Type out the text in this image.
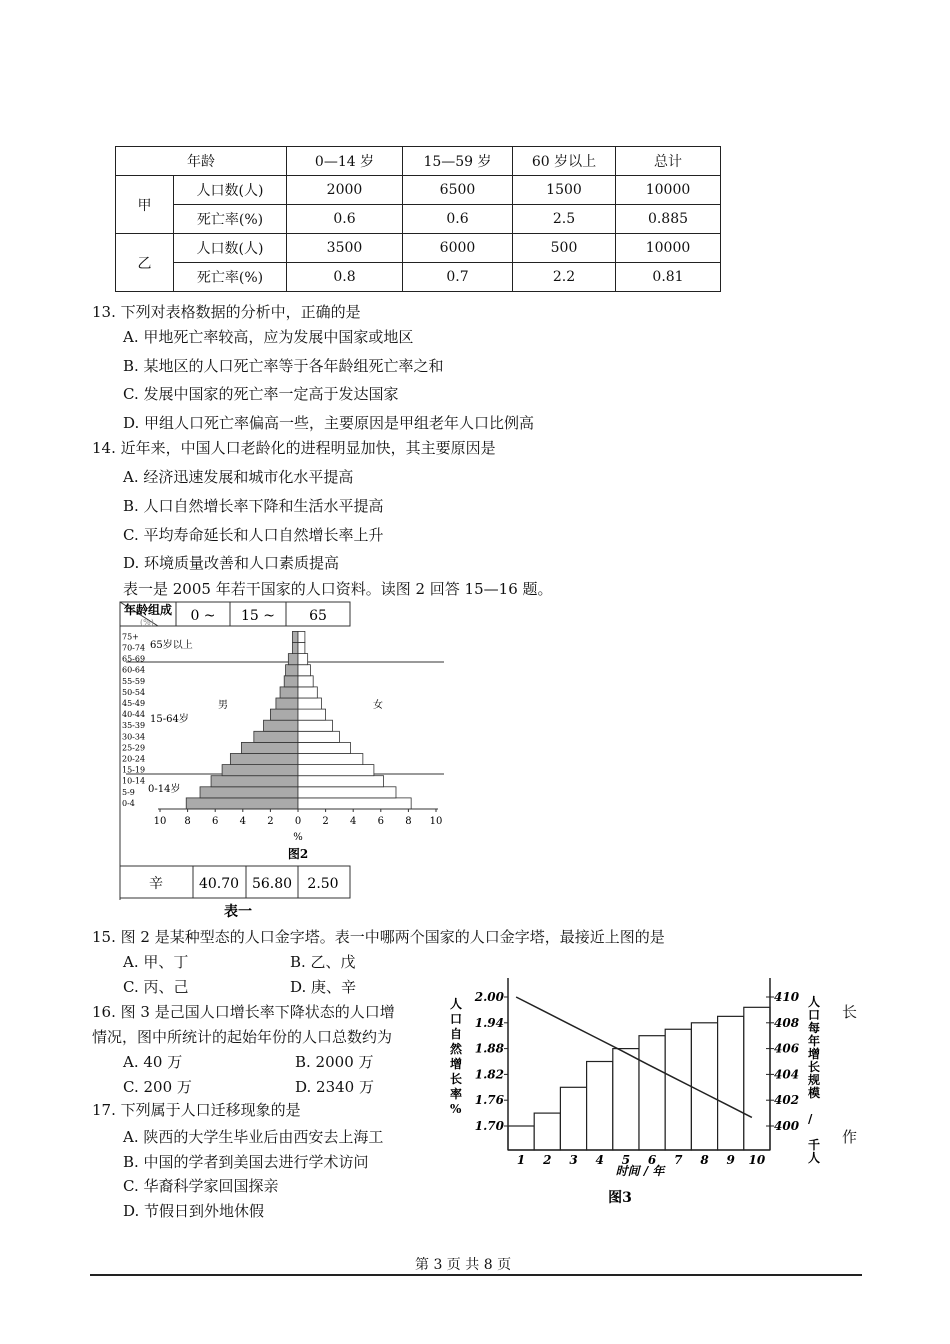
年龄		0—14 岁	15—59 岁	60 岁以上	总计
甲	人口数(人)	2000	6500	1500	10000
	死亡率(%)	0.6	0.6	2.5	0.885
乙	人口数(人)	3500	6000	500	10000
	死亡率(%)	0.8	0.7	2.2	0.81
13. 下列对表格数据的分析中，正确的是
A. 甲地死亡率较高，应为发展中国家或地区
B. 某地区的人口死亡率等于各年龄组死亡率之和
C. 发展中国家的死亡率一定高于发达国家
D. 甲组人口死亡率偏高一些，主要原因是甲组老年人口比例高
14. 近年来，中国人口老龄化的进程明显加快，其主要原因是
A. 经济迅速发展和城市化水平提高
B. 人口自然增长率下降和生活水平提高
C. 平均寿命延长和人口自然增长率上升
D. 环境质量改善和人口素质提高
表一是 2005 年若干国家的人口资料。读图 2 回答 15—16 题。
年龄组成
(%)	0 ~ 15 ~ 65
65岁以上
15-64岁
0-14岁
男	女
0-4
5-9
10-14
15-19
20-24
25-29
30-34
35-39
40-44
45-49
50-54
55-59
60-64
65-69
70-74
75+
10 8 6 4 2 0 2 4 6 8 10
%
图2
辛	40.70 56.80 2.50
表一
15. 图 2 是某种型态的人口金字塔。表一中哪两个国家的人口金字塔，最接近上图的是
A. 甲、丁	B. 乙、戊
C. 丙、己	D. 庚、辛
16. 图 3 是己国人口增长率下降状态的人口增	长
情况，图中所统计的起始年份的人口总数约为
A. 40 万	B. 2000 万
C. 200 万	D. 2340 万
17. 下列属于人口迁移现象的是
A. 陕西的大学生毕业后由西安去上海工	作
B. 中国的学者到美国去进行学术访问
C. 华裔科学家回国探亲
D. 节假日到外地休假
1 2 3 4 5 6 7 8 9 10
1.70
1.76
1.82
1.88
1.94
2.00
400
402
404
406
408
410
人口自然增长率%
人口每年增长规模 / 千人
时间 / 年
图3
第 3 页 共 8 页
